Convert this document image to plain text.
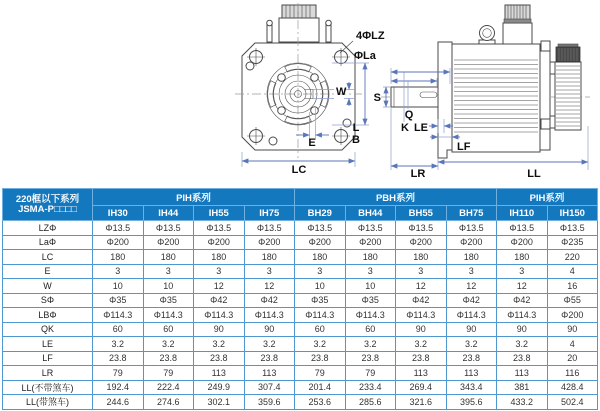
W
E
LC
4ΦLZ
ΦLa
L
B
S
Q
K LE
LF
LR	LL
220框以下系列
JSMA-P□□□□	PIH系列				PBH系列				PIH系列	
	IH30	IH44	IH55	IH75	BH29	BH44	BH55	BH75	IH110	IH150
LZΦ	Φ13.5	Φ13.5	Φ13.5	Φ13.5	Φ13.5	Φ13.5	Φ13.5	Φ13.5	Φ13.5	Φ13.5
LaΦ	Φ200	Φ200	Φ200	Φ200	Φ200	Φ200	Φ200	Φ200	Φ200	Φ235
LC	180	180	180	180	180	180	180	180	180	220
E	3	3	3	3	3	3	3	3	3	4
W	10	10	12	12	10	10	12	12	12	16
SΦ	Φ35	Φ35	Φ42	Φ42	Φ35	Φ35	Φ42	Φ42	Φ42	Φ55
LBΦ	Φ114.3	Φ114.3	Φ114.3	Φ114.3	Φ114.3	Φ114.3	Φ114.3	Φ114.3	Φ114.3	Φ200
QK	60	60	90	90	60	60	90	90	90	90
LE	3.2	3.2	3.2	3.2	3.2	3.2	3.2	3.2	3.2	4
LF	23.8	23.8	23.8	23.8	23.8	23.8	23.8	23.8	23.8	20
LR	79	79	113	113	79	79	113	113	113	116
LL(不带煞车)	192.4	222.4	249.9	307.4	201.4	233.4	269.4	343.4	381	428.4
LL(带煞车)	244.6	274.6	302.1	359.6	253.6	285.6	321.6	395.6	433.2	502.4
